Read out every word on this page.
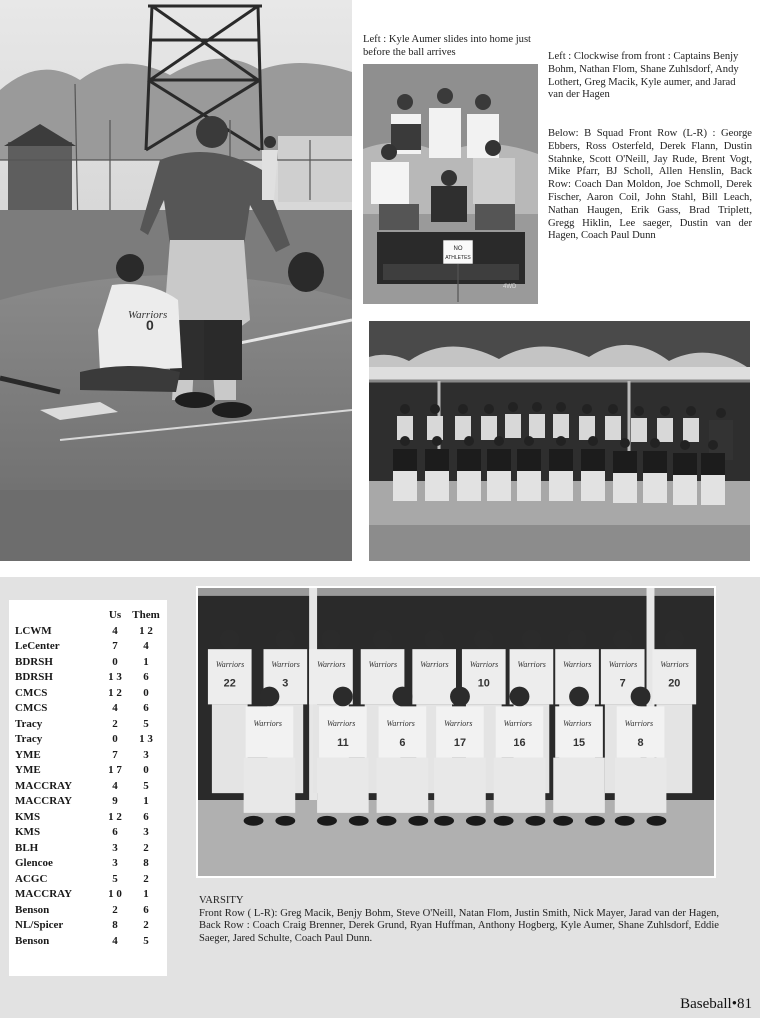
Warriors
0

Left : Kyle Aumer slides into home just before the ball arrives

4WD
NO
ATHLETES

Left : Clockwise from front : Captains Benjy Bohm, Nathan Flom, Shane Zuhlsdorf, Andy Lothert, Greg Macik, Kyle aumer, and Jarad van der Hagen

Below: B Squad Front Row (L-R) : George Ebbers, Ross Osterfeld, Derek Flann, Dustin Stahnke, Scott O'Neill, Jay Rude, Brent Vogt, Mike Pfarr, BJ Scholl, Allen Henslin, Back Row: Coach Dan Moldon, Joe Schmoll, Derek Fischer, Aaron Coil, John Stahl, Bill Leach, Nathan Haugen, Erik Gass, Brad Triplett, Gregg Hiklin, Lee saeger, Dustin van der Hagen, Coach Paul Dunn

	Us	Them
LCWM	4	1 2
LeCenter	7	4
BDRSH	0	1
BDRSH	1 3	6
CMCS	1 2	0
CMCS	4	6
Tracy	2	5
Tracy	0	1 3
YME	7	3
YME	1 7	0
MACCRAY	4	5
MACCRAY	9	1
KMS	1 2	6
KMS	6	3
BLH	3	2
Glencoe	3	8
ACGC	5	2
MACCRAY	1 0	1
Benson	2	6
NL/Spicer	8	2
Benson	4	5
Warriors
22
Warriors
3
Warriors	Warriors	Warriors	Warriors
10
Warriors Warriors Warriors
7
Warriors
20
Warriors	Warriors
11
Warriors
6
Warriors
17
Warriors
16
Warriors
15
Warriors
8

VARSITY

Front Row ( L-R): Greg Macik, Benjy Bohm, Steve O'Neill, Natan Flom, Justin Smith, Nick Mayer, Jarad van der Hagen, Back Row : Coach Craig Brenner, Derek Grund, Ryan Huffman, Anthony Hogberg, Kyle Aumer, Shane Zuhlsdorf, Eddie Saeger, Jared Schulte, Coach Paul Dunn.

Baseball•81
